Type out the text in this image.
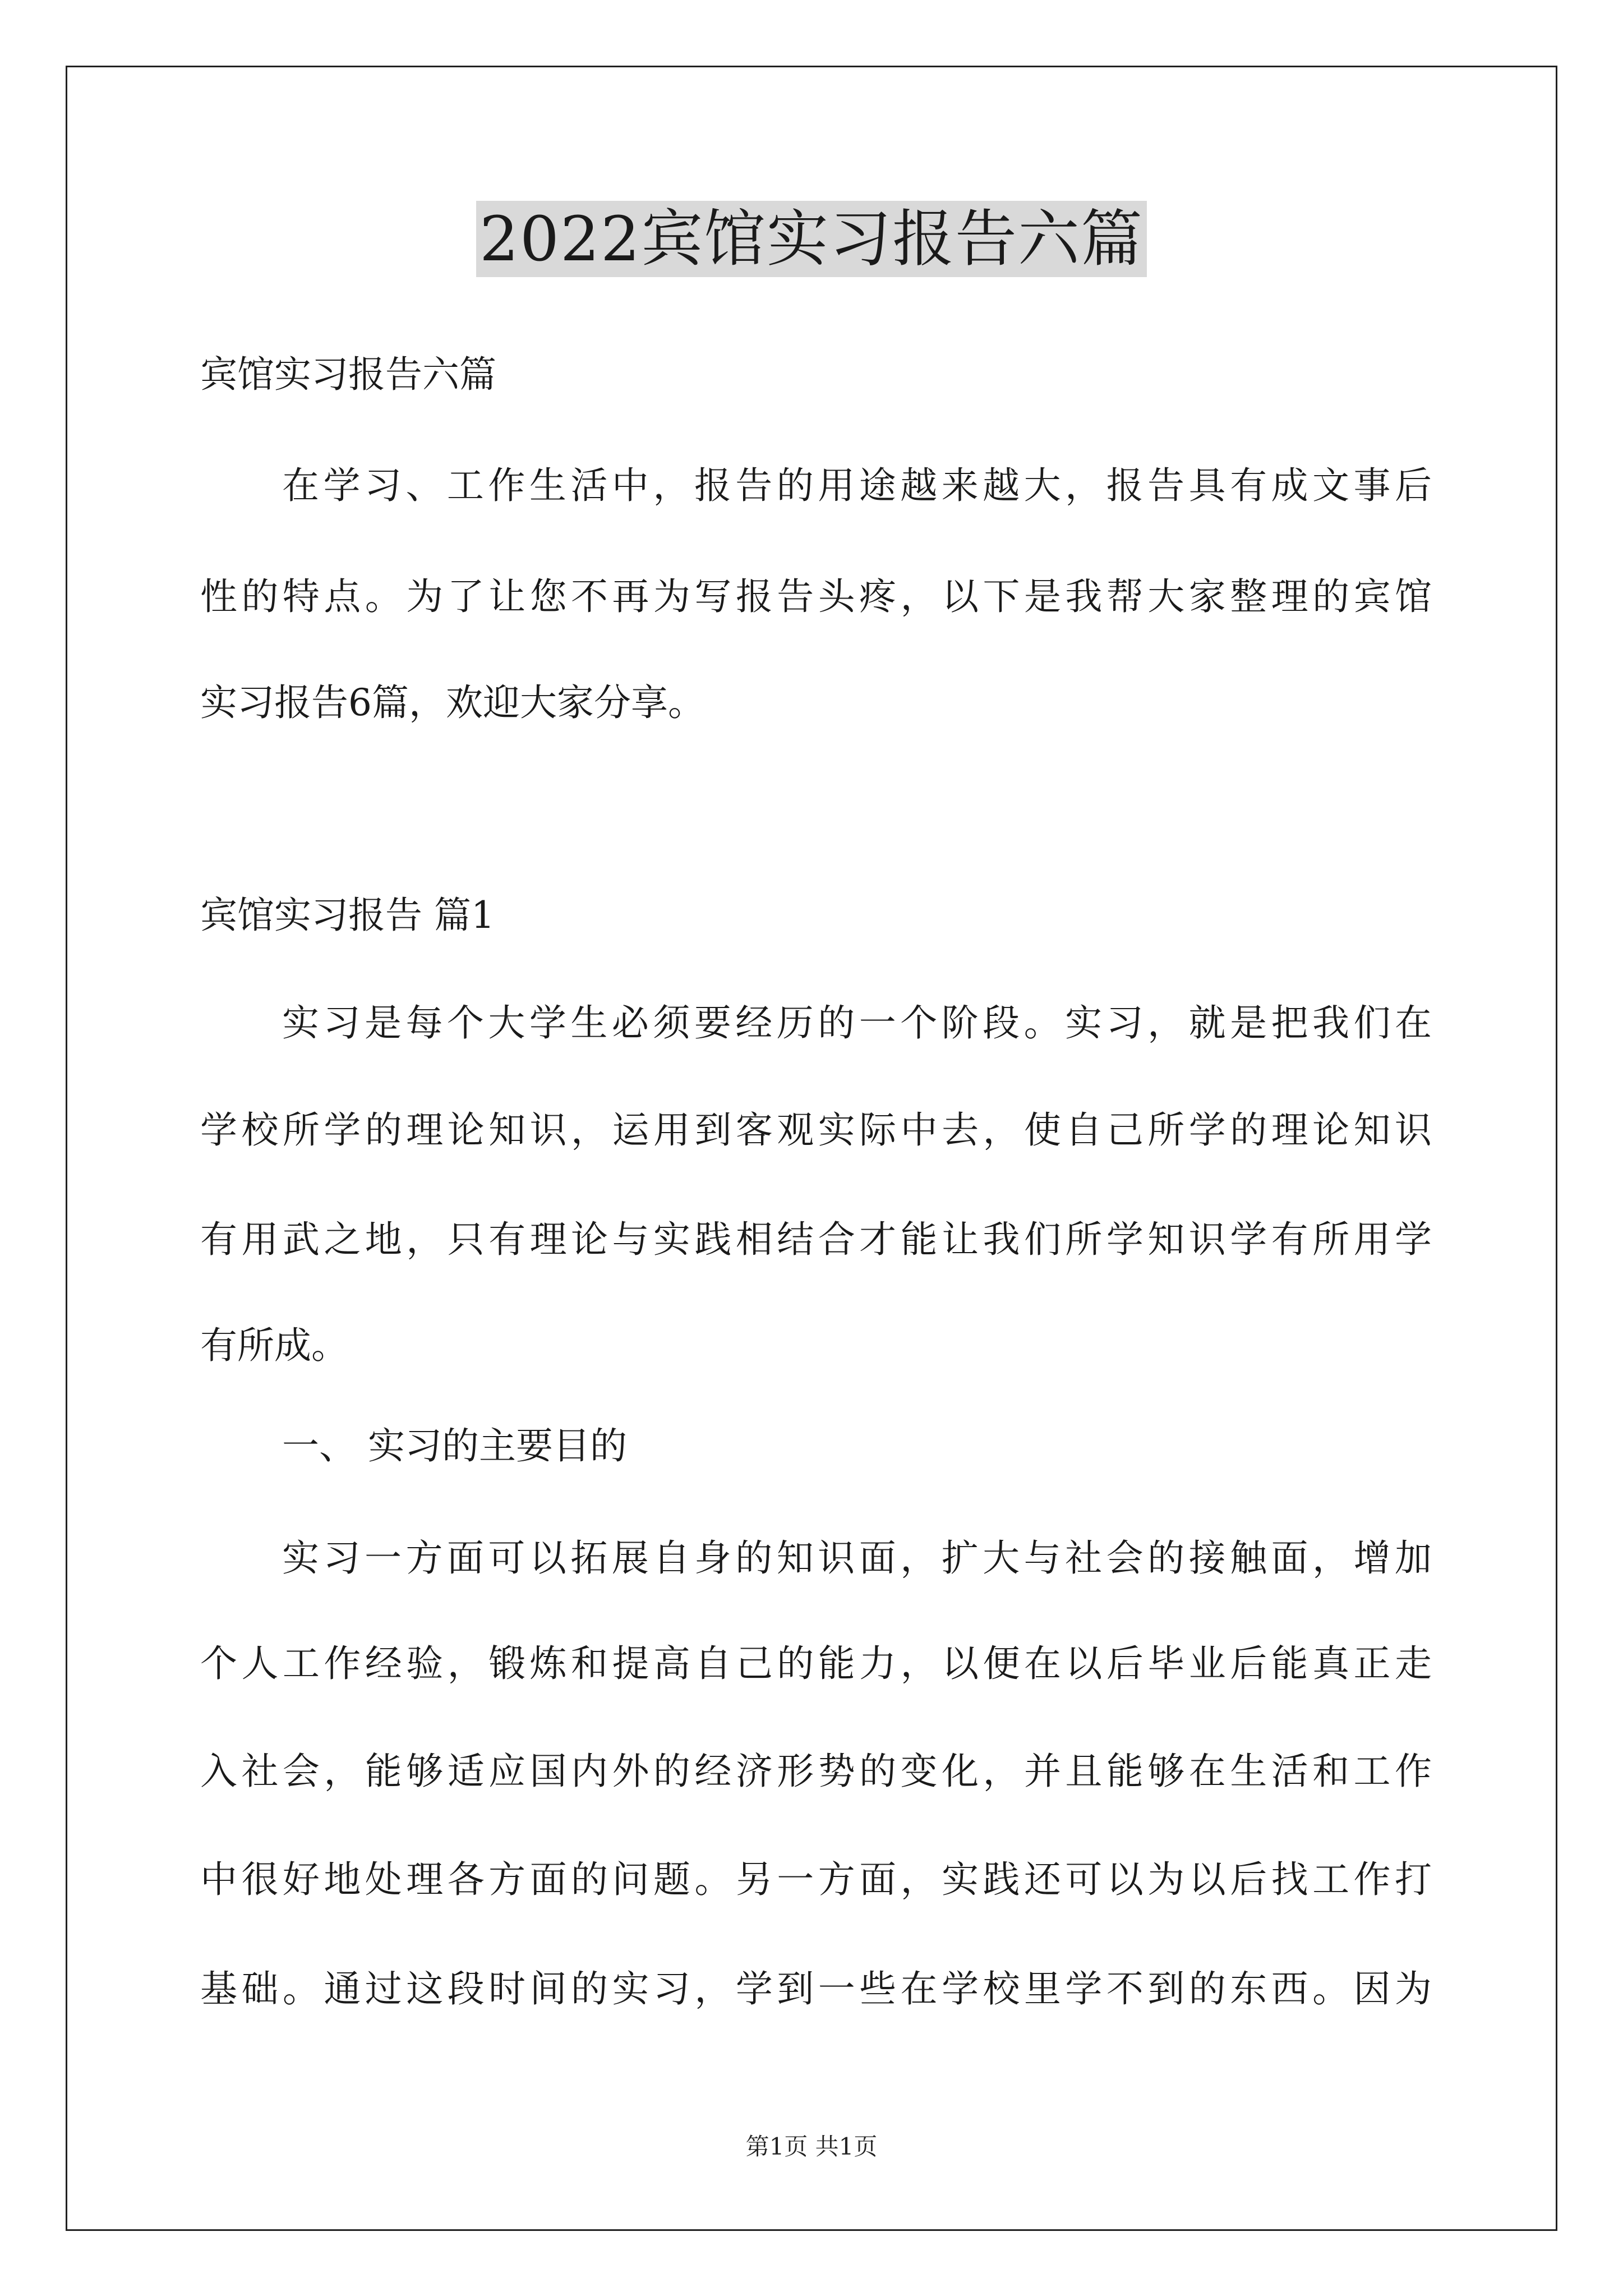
2022宾馆实习报告六篇
宾馆实习报告六篇
在学习、工作生活中，报告的用途越来越大，报告具有成文事后
性的特点。为了让您不再为写报告头疼，以下是我帮大家整理的宾馆
实习报告6篇，欢迎大家分享。
宾馆实习报告 篇1
实习是每个大学生必须要经历的一个阶段。实习，就是把我们在
学校所学的理论知识，运用到客观实际中去，使自己所学的理论知识
有用武之地，只有理论与实践相结合才能让我们所学知识学有所用学
有所成。
一、 实习的主要目的
实习一方面可以拓展自身的知识面，扩大与社会的接触面，增加
个人工作经验，锻炼和提高自己的能力，以便在以后毕业后能真正走
入社会，能够适应国内外的经济形势的变化，并且能够在生活和工作
中很好地处理各方面的问题。另一方面，实践还可以为以后找工作打
基础。通过这段时间的实习，学到一些在学校里学不到的东西。因为
第1页 共1页
